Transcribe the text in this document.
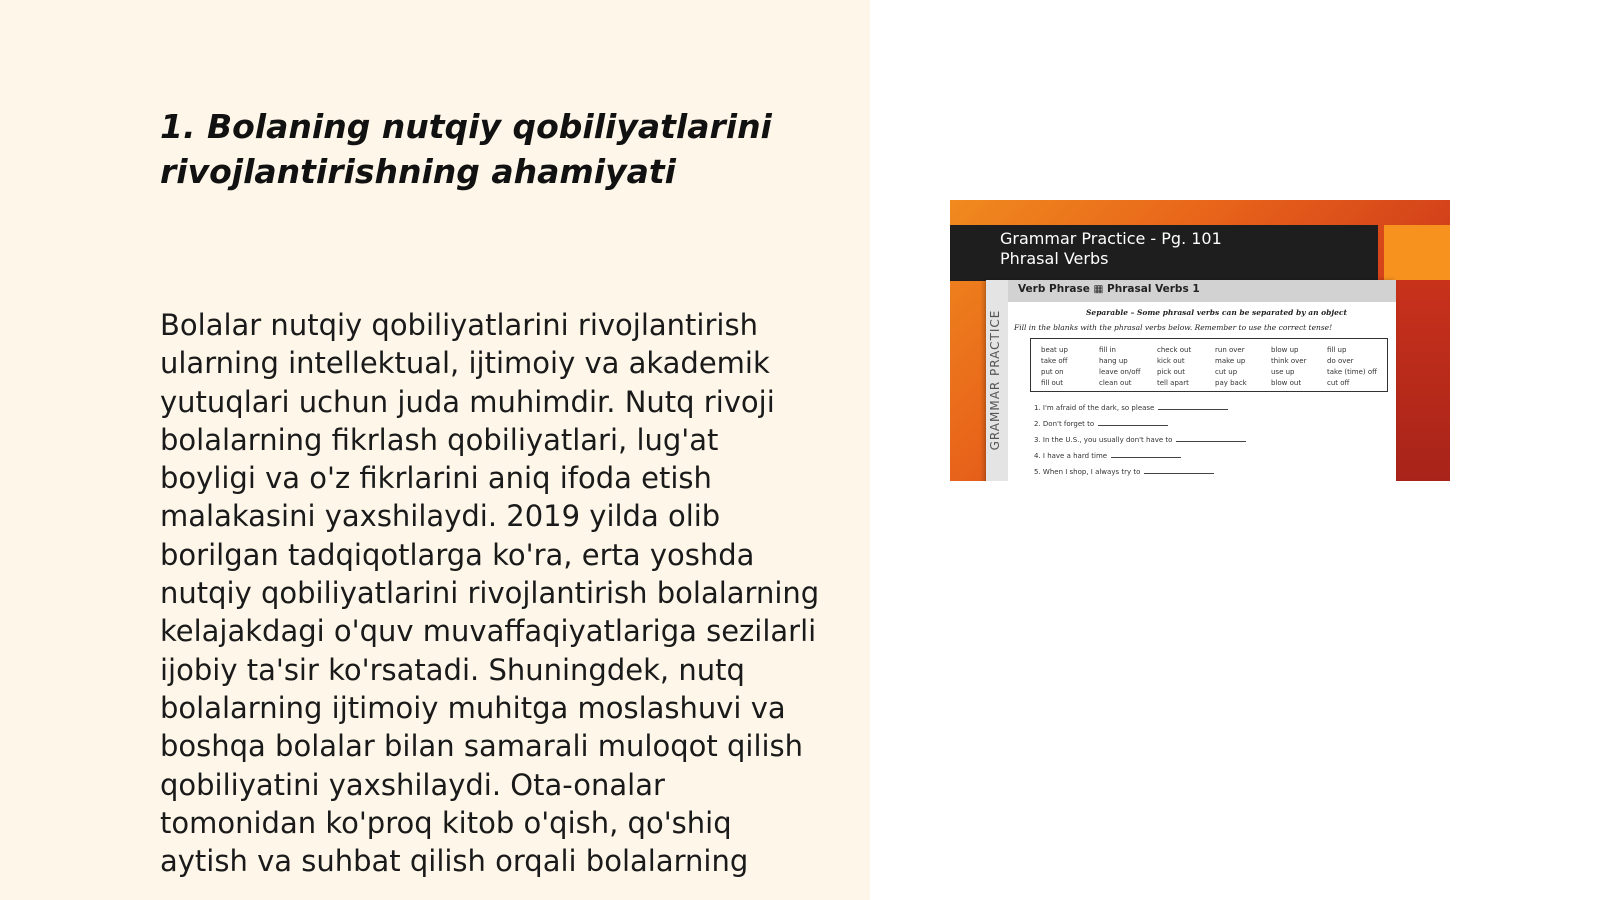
1. Bolaning nutqiy qobiliyatlarini rivojlantirishning ahamiyati

Bolalar nutqiy qobiliyatlarini rivojlantirish ularning intellektual, ijtimoiy va akademik yutuqlari uchun juda muhimdir. Nutq rivoji bolalarning fikrlash qobiliyatlari, lug'at boyligi va o'z fikrlarini aniq ifoda etish malakasini yaxshilaydi. 2019 yilda olib borilgan tadqiqotlarga ko'ra, erta yoshda nutqiy qobiliyatlarini rivojlantirish bolalarning kelajakdagi o'quv muvaffaqiyatlariga sezilarli ijobiy ta'sir ko'rsatadi. Shuningdek, nutq bolalarning ijtimoiy muhitga moslashuvi va boshqa bolalar bilan samarali muloqot qilish qobiliyatini yaxshilaydi. Ota-onalar tomonidan ko'proq kitob o'qish, qo'shiq aytish va suhbat qilish orqali bolalarning

Grammar Practice - Pg. 101
Phrasal Verbs
GRAMMAR PRACTICE
Verb Phrase ▦ Phrasal Verbs 1
Separable – Some phrasal verbs can be separated by an object
Fill in the blanks with the phrasal verbs below. Remember to use the correct tense!
beat up
take off
put on
fill out
fill in
hang up
leave on/off
clean out
check out
kick out
pick out
tell apart
run over
make up
cut up
pay back
blow up
think over
use up
blow out
fill up
do over
take (time) off
cut off
1. I'm afraid of the dark, so please
2. Don't forget to
3. In the U.S., you usually don't have to
4. I have a hard time
5. When I shop, I always try to
